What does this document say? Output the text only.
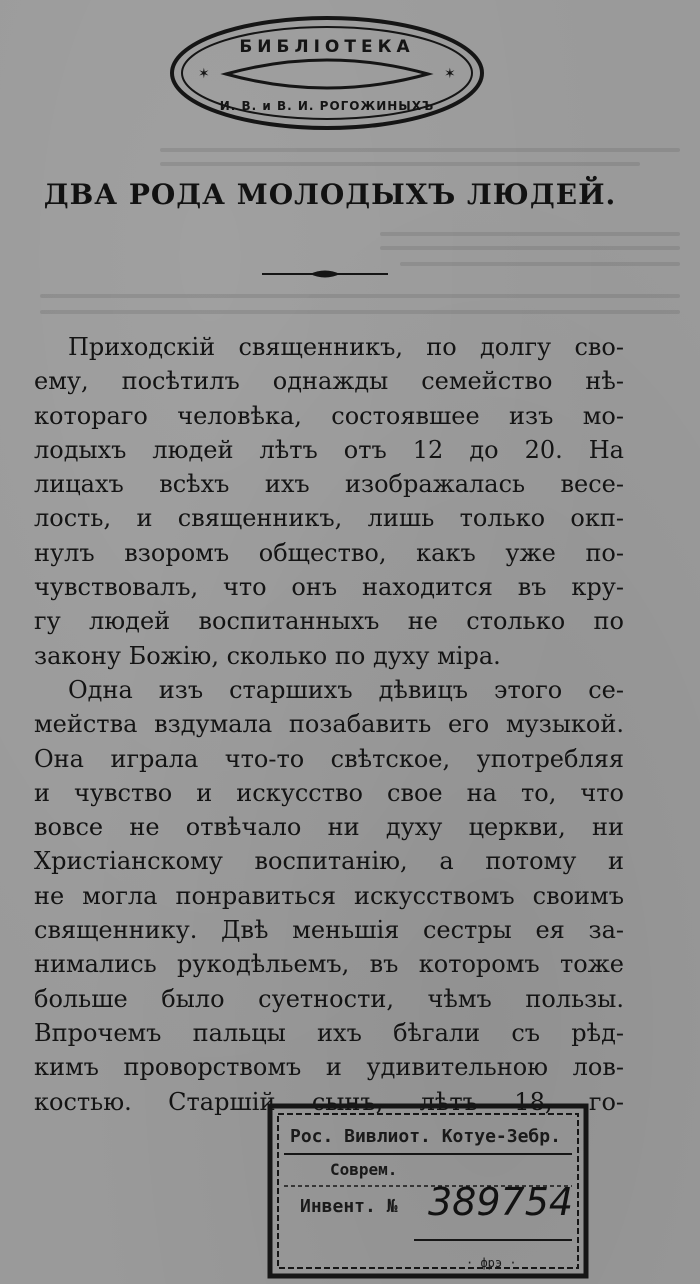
✶	✶
БИБЛIОТЕКА
И. В. и В. И. РОГОЖИНЫХЪ
ДВА РОДА МОЛОДЫХЪ ЛЮДЕЙ.
Приходскiй священникъ, по долгу сво-
ему, посѣтилъ однажды семейство нѣ-
котораго человѣка, состоявшее изъ мо-
лодыхъ людей лѣтъ отъ 12 до 20. На
лицахъ всѣхъ ихъ изображалась весе-
лость, и священникъ, лишь только окп-
нулъ взоромъ общество, какъ уже по-
чувствовалъ, что онъ находится въ кру-
гу людей воспитанныхъ не столько по
закону Божiю, сколько по духу мiра.
Одна изъ старшихъ дѣвицъ этого се-
мейства вздумала позабавить его музыкой.
Она играла что-то свѣтское, употребляя
и чувство и искусство свое на то, что
вовсе не отвѣчало ни духу церкви, ни
Христiанскому воспитанiю, а потому и
не могла понравиться искусствомъ своимъ
священнику. Двѣ меньшiя сестры ея за-
нимались рукодѣльемъ, въ которомъ тоже
больше было суетности, чѣмъ пользы.
Впрочемъ пальцы ихъ бѣгали съ рѣд-
кимъ проворствомъ и удивительною лов-
костью. Старшiй сынъ, лѣтъ 18, го-
Рос. Вивлиот. Котуе-Зебр.
Соврем.
Инвент. № 389754
· фрэ ·
